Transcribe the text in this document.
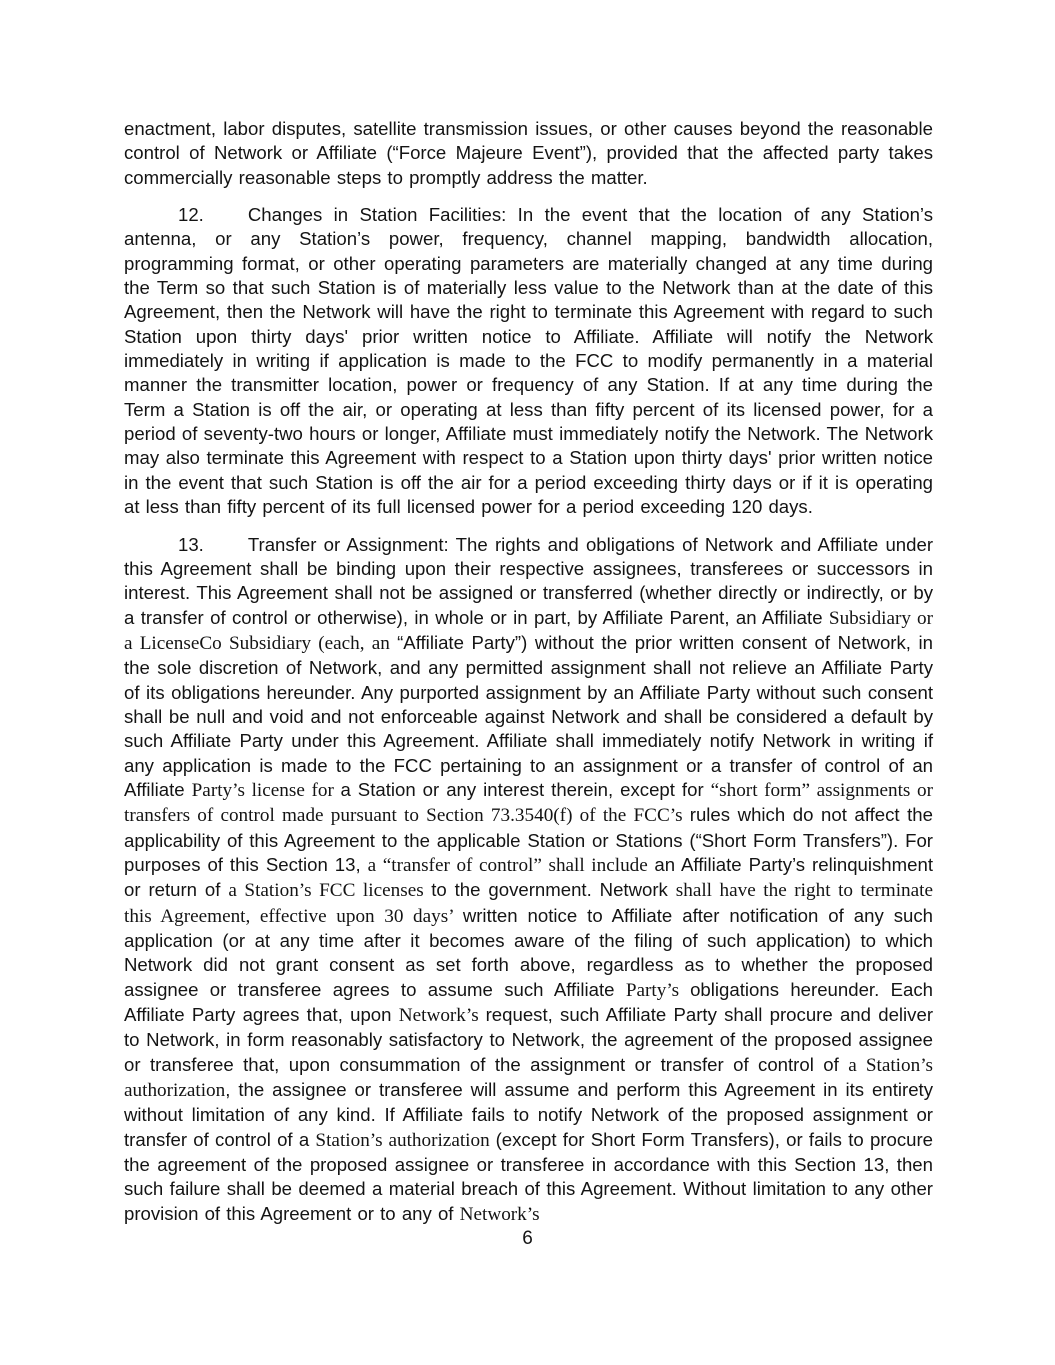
enactment, labor disputes, satellite transmission issues, or other causes beyond the reasonable control of Network or Affiliate (“Force Majeure Event”), provided that the affected party takes commercially reasonable steps to promptly address the matter.

12. Changes in Station Facilities: In the event that the location of any Station’s antenna, or any Station’s power, frequency, channel mapping, bandwidth allocation, programming format, or other operating parameters are materially changed at any time during the Term so that such Station is of materially less value to the Network than at the date of this Agreement, then the Network will have the right to terminate this Agreement with regard to such Station upon thirty days' prior written notice to Affiliate. Affiliate will notify the Network immediately in writing if application is made to the FCC to modify permanently in a material manner the transmitter location, power or frequency of any Station. If at any time during the Term a Station is off the air, or operating at less than fifty percent of its licensed power, for a period of seventy-two hours or longer, Affiliate must immediately notify the Network. The Network may also terminate this Agreement with respect to a Station upon thirty days' prior written notice in the event that such Station is off the air for a period exceeding thirty days or if it is operating at less than fifty percent of its full licensed power for a period exceeding 120 days.

13. Transfer or Assignment: The rights and obligations of Network and Affiliate under this Agreement shall be binding upon their respective assignees, transferees or successors in interest. This Agreement shall not be assigned or transferred (whether directly or indirectly, or by a transfer of control or otherwise), in whole or in part, by Affiliate Parent, an Affiliate Subsidiary or a LicenseCo Subsidiary (each, an “Affiliate Party”) without the prior written consent of Network, in the sole discretion of Network, and any permitted assignment shall not relieve an Affiliate Party of its obligations hereunder. Any purported assignment by an Affiliate Party without such consent shall be null and void and not enforceable against Network and shall be considered a default by such Affiliate Party under this Agreement. Affiliate shall immediately notify Network in writing if any application is made to the FCC pertaining to an assignment or a transfer of control of an Affiliate Party’s license for a Station or any interest therein, except for “short form” assignments or transfers of control made pursuant to Section 73.3540(f) of the FCC’s rules which do not affect the applicability of this Agreement to the applicable Station or Stations (“Short Form Transfers”). For purposes of this Section 13, a “transfer of control” shall include an Affiliate Party’s relinquishment or return of a Station’s FCC licenses to the government. Network shall have the right to terminate this Agreement, effective upon 30 days’ written notice to Affiliate after notification of any such application (or at any time after it becomes aware of the filing of such application) to which Network did not grant consent as set forth above, regardless as to whether the proposed assignee or transferee agrees to assume such Affiliate Party’s obligations hereunder. Each Affiliate Party agrees that, upon Network’s request, such Affiliate Party shall procure and deliver to Network, in form reasonably satisfactory to Network, the agreement of the proposed assignee or transferee that, upon consummation of the assignment or transfer of control of a Station’s authorization, the assignee or transferee will assume and perform this Agreement in its entirety without limitation of any kind. If Affiliate fails to notify Network of the proposed assignment or transfer of control of a Station’s authorization (except for Short Form Transfers), or fails to procure the agreement of the proposed assignee or transferee in accordance with this Section 13, then such failure shall be deemed a material breach of this Agreement. Without limitation to any other provision of this Agreement or to any of Network’s

6
